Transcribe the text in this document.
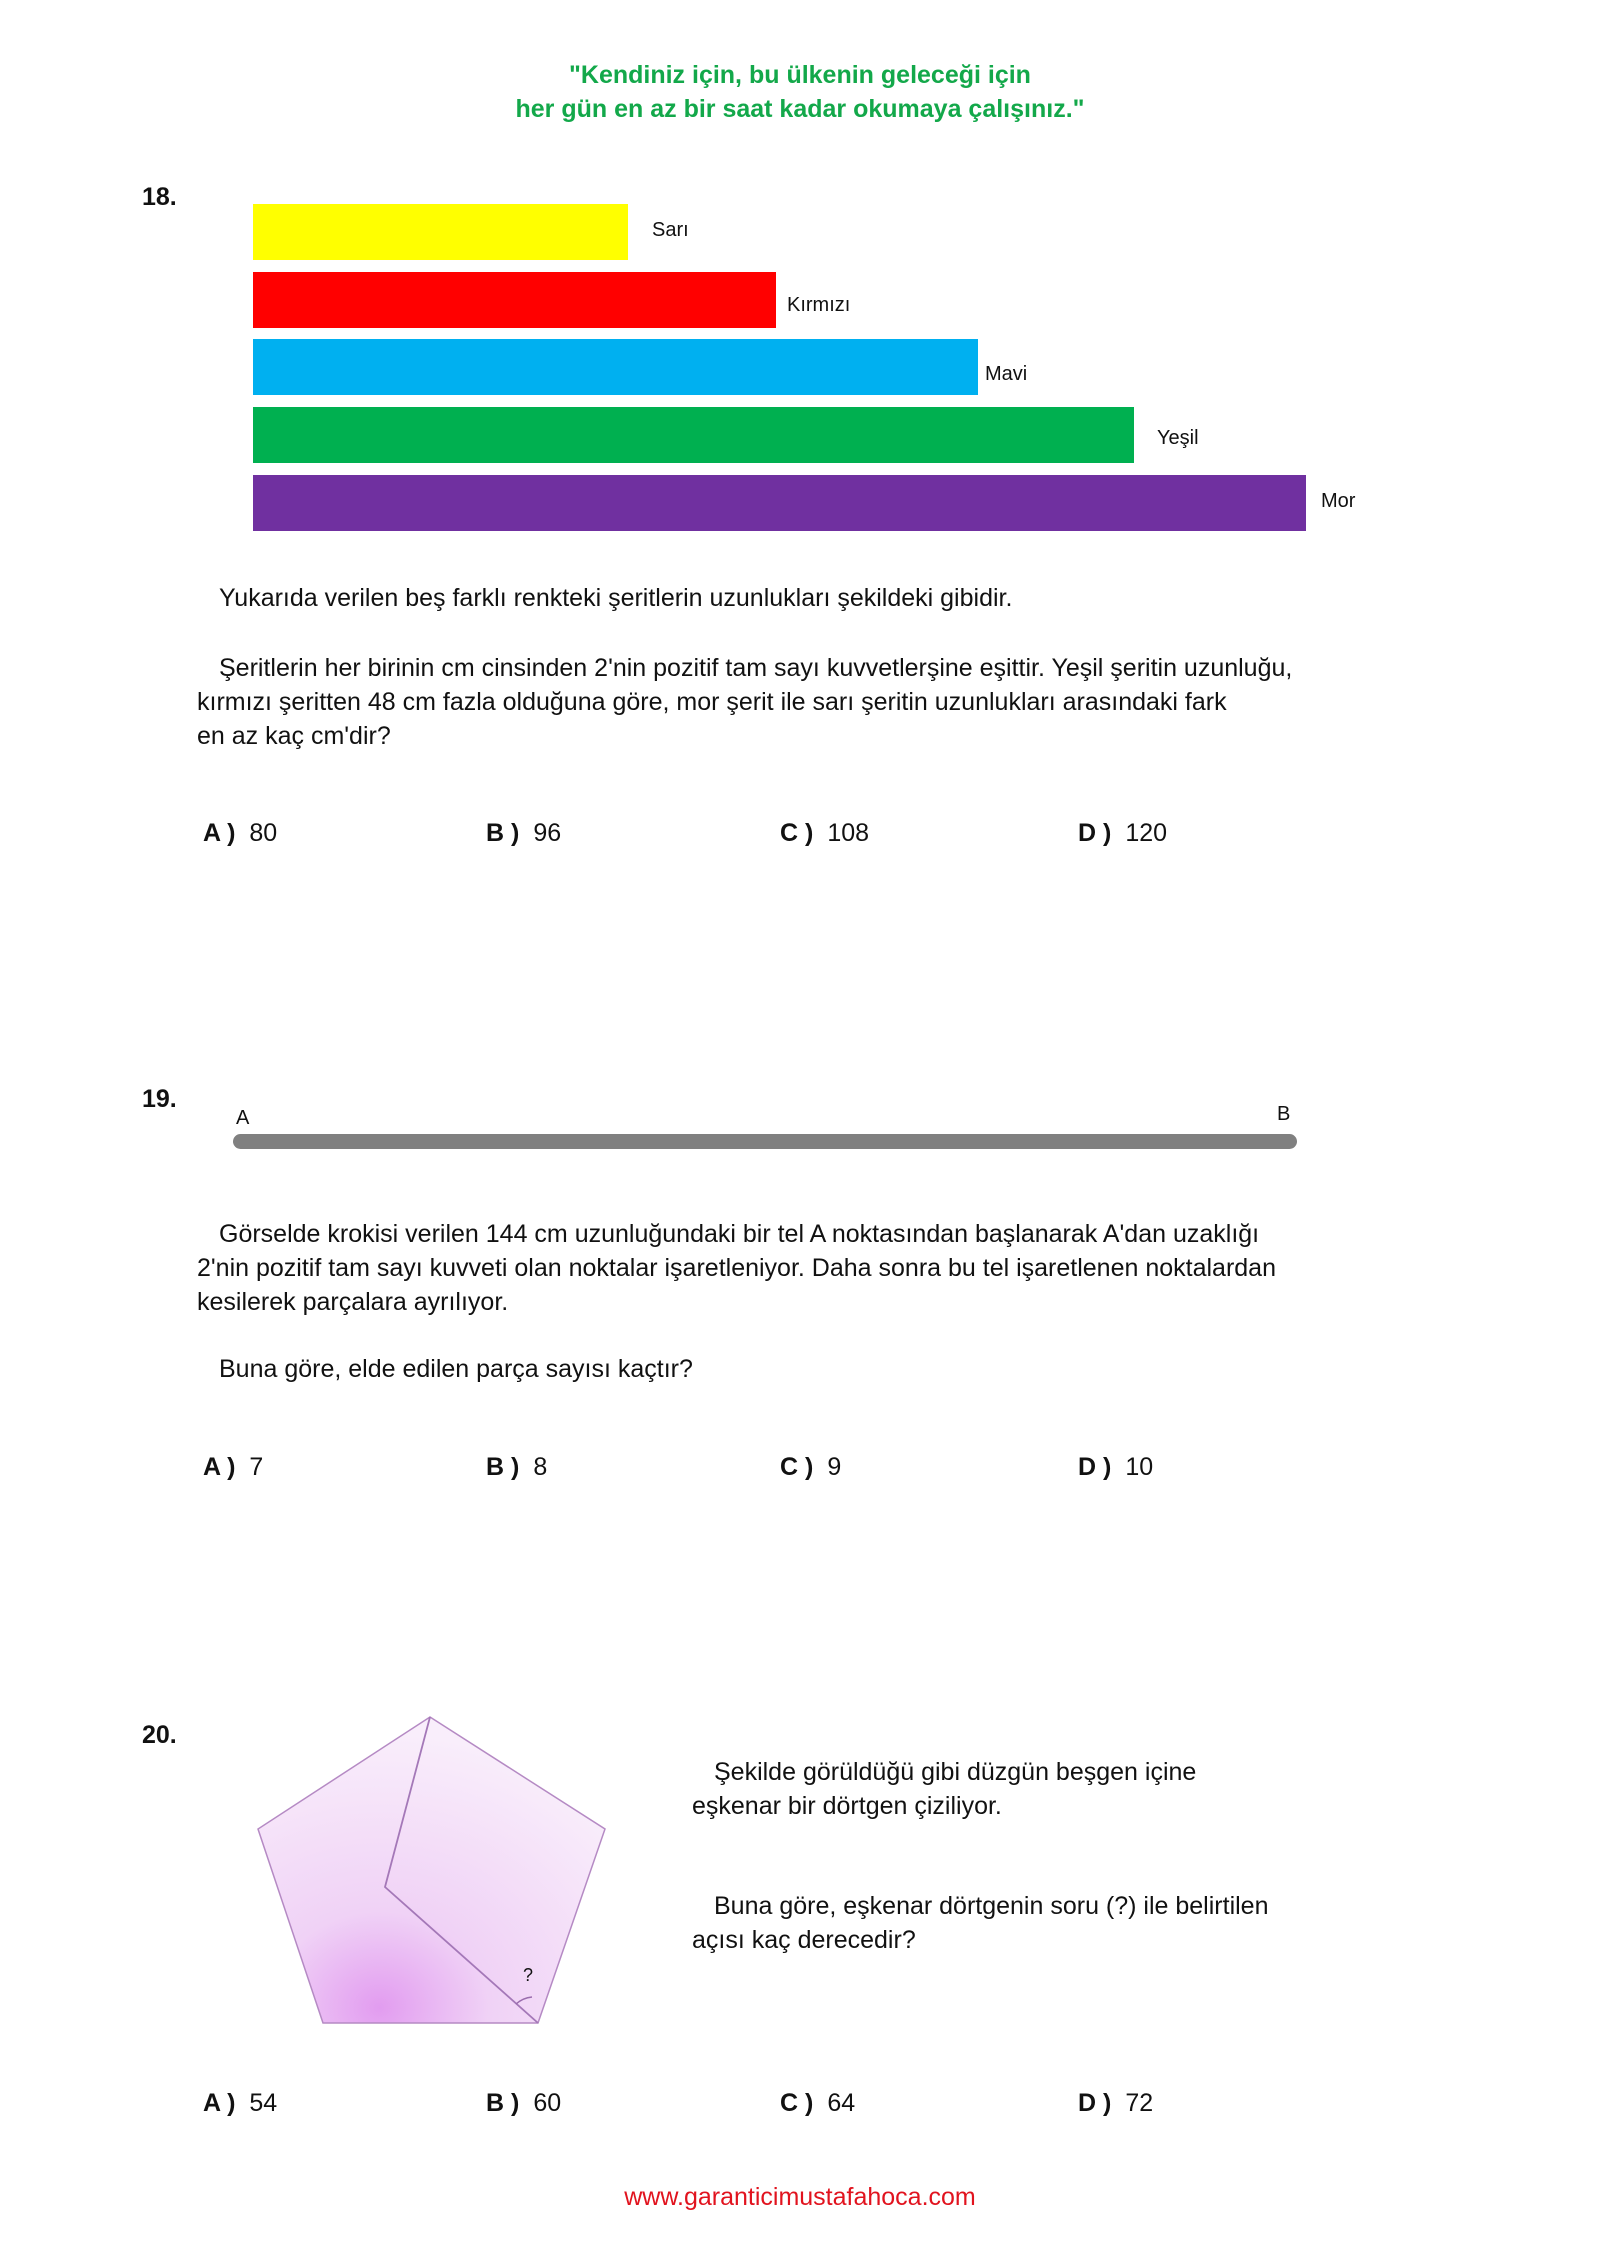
"Kendiniz için, bu ülkenin geleceği için
her gün en az bir saat kadar okumaya çalışınız."
18.
Sarı
Kırmızı
Mavi
Yeşil
Mor
Yukarıda verilen beş farklı renkteki şeritlerin uzunlukları şekildeki gibidir.
Şeritlerin her birinin cm cinsinden 2'nin pozitif tam sayı kuvvetlerşine eşittir. Yeşil şeritin uzunluğu,
kırmızı şeritten 48 cm fazla olduğuna göre, mor şerit ile sarı şeritin uzunlukları arasındaki fark
en az kaç cm'dir?
A ) 80	B ) 96	C ) 108	D ) 120
19.
A	B
Görselde krokisi verilen 144 cm uzunluğundaki bir tel A noktasından başlanarak A'dan uzaklığı
2'nin pozitif tam sayı kuvveti olan noktalar işaretleniyor. Daha sonra bu tel işaretlenen noktalardan
kesilerek parçalara ayrılıyor.
Buna göre, elde edilen parça sayısı kaçtır?
A ) 7	B ) 8	C ) 9	D ) 10
20.
?
Şekilde görüldüğü gibi düzgün beşgen içine
eşkenar bir dörtgen çiziliyor.
Buna göre, eşkenar dörtgenin soru (?) ile belirtilen
açısı kaç derecedir?
A ) 54	B ) 60	C ) 64	D ) 72
www.garanticimustafahoca.com
